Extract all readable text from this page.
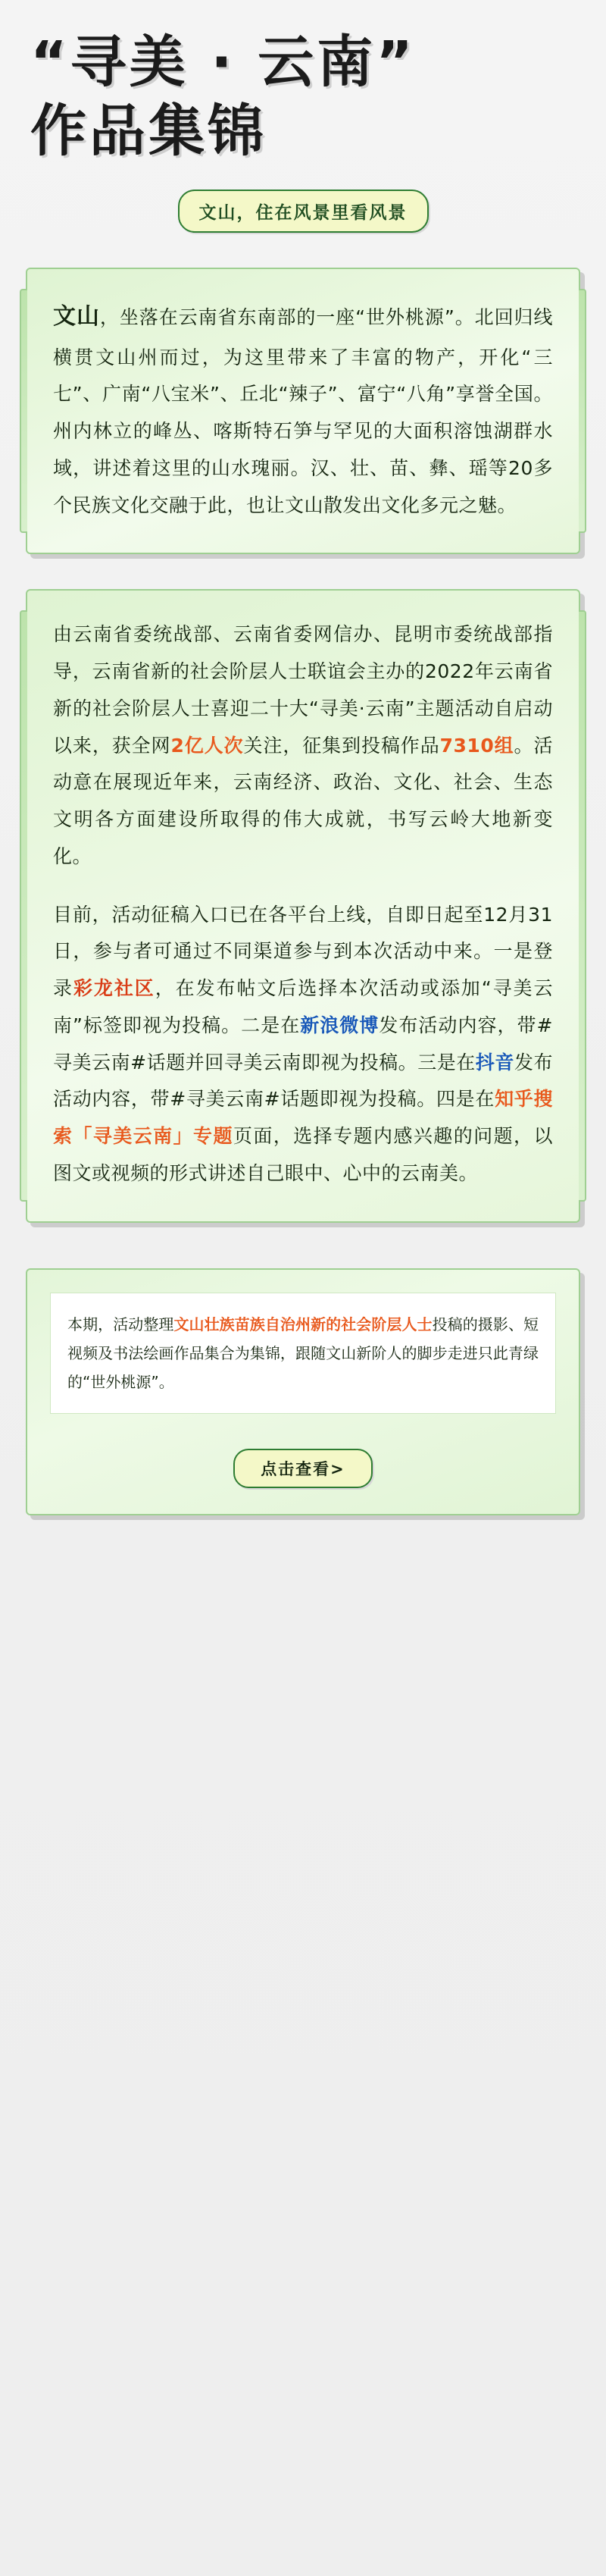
“寻美 · 云南”
作品集锦
文山，住在风景里看风景

文山，坐落在云南省东南部的一座“世外桃源”。北回归线横贯文山州而过，为这里带来了丰富的物产，开化“三七”、广南“八宝米”、丘北“辣子”、富宁“八角”享誉全国。州内林立的峰丛、喀斯特石笋与罕见的大面积溶蚀湖群水域，讲述着这里的山水瑰丽。汉、壮、苗、彝、瑶等20多个民族文化交融于此，也让文山散发出文化多元之魅。

由云南省委统战部、云南省委网信办、昆明市委统战部指导，云南省新的社会阶层人士联谊会主办的2022年云南省新的社会阶层人士喜迎二十大“寻美·云南”主题活动自启动以来，获全网2亿人次关注，征集到投稿作品7310组。活动意在展现近年来，云南经济、政治、文化、社会、生态文明各方面建设所取得的伟大成就，书写云岭大地新变化。

目前，活动征稿入口已在各平台上线，自即日起至12月31日，参与者可通过不同渠道参与到本次活动中来。一是登录彩龙社区，在发布帖文后选择本次活动或添加“寻美云南”标签即视为投稿。二是在新浪微博发布活动内容，带#寻美云南#话题并回寻美云南即视为投稿。三是在抖音发布活动内容，带#寻美云南#话题即视为投稿。四是在知乎搜索「寻美云南」专题页面，选择专题内感兴趣的问题，以图文或视频的形式讲述自己眼中、心中的云南美。

本期，活动整理文山壮族苗族自治州新的社会阶层人士投稿的摄影、短视频及书法绘画作品集合为集锦，跟随文山新阶人的脚步走进只此青绿的“世外桃源”。

点击查看>
